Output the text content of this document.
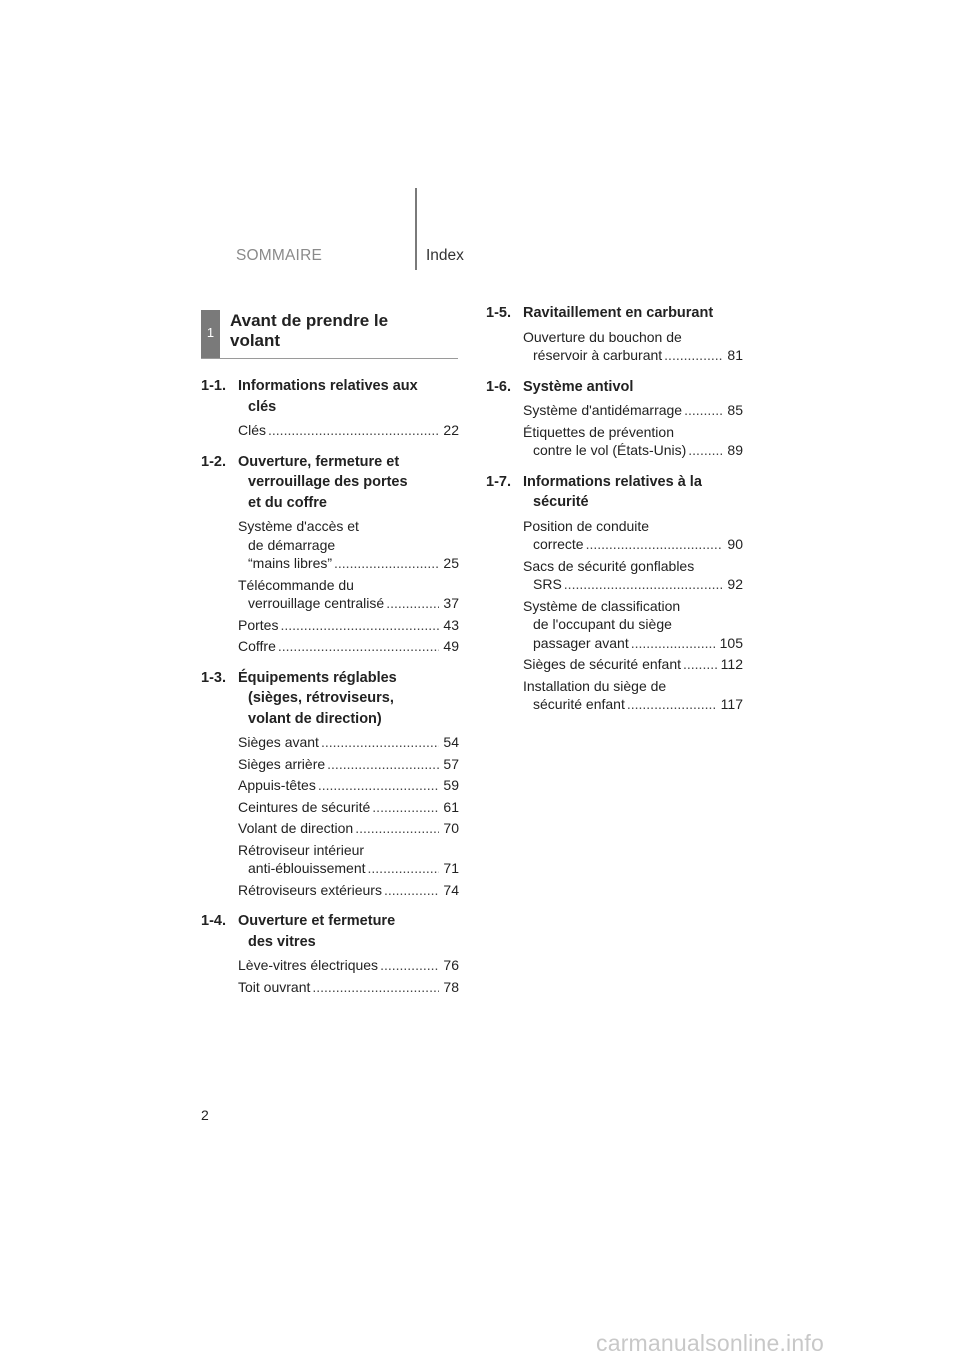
SOMMAIRE	Index
1
Avant de prendre le
volant
1-1. Informations relatives aux
clés
Clés .....	22
1-2. Ouverture, fermeture et
verrouillage des portes
et du coffre
Système d'accès et
de démarrage
“mains libres” .....	25
Télécommande du
verrouillage centralisé .....	37
Portes .....	43
Coffre .....	49
1-3. Équipements réglables
(sièges, rétroviseurs,
volant de direction)
Sièges avant .....	54
Sièges arrière .....	57
Appuis-têtes .....	59
Ceintures de sécurité .....	61
Volant de direction .....	70
Rétroviseur intérieur
anti-éblouissement .....	71
Rétroviseurs extérieurs .....	74
1-4. Ouverture et fermeture
des vitres
Lève-vitres électriques .....	76
Toit ouvrant .....	78
1-5. Ravitaillement en carburant
Ouverture du bouchon de
réservoir à carburant .....	81
1-6. Système antivol
Système d'antidémarrage .....	85
Étiquettes de prévention
contre le vol (États-Unis) .....	89
1-7. Informations relatives à la
sécurité
Position de conduite
correcte .....	90
Sacs de sécurité gonflables
SRS .....	92
Système de classification
de l'occupant du siège
passager avant .....	105
Sièges de sécurité enfant .....	112
Installation du siège de
sécurité enfant .....	117
2
carmanualsonline.info
